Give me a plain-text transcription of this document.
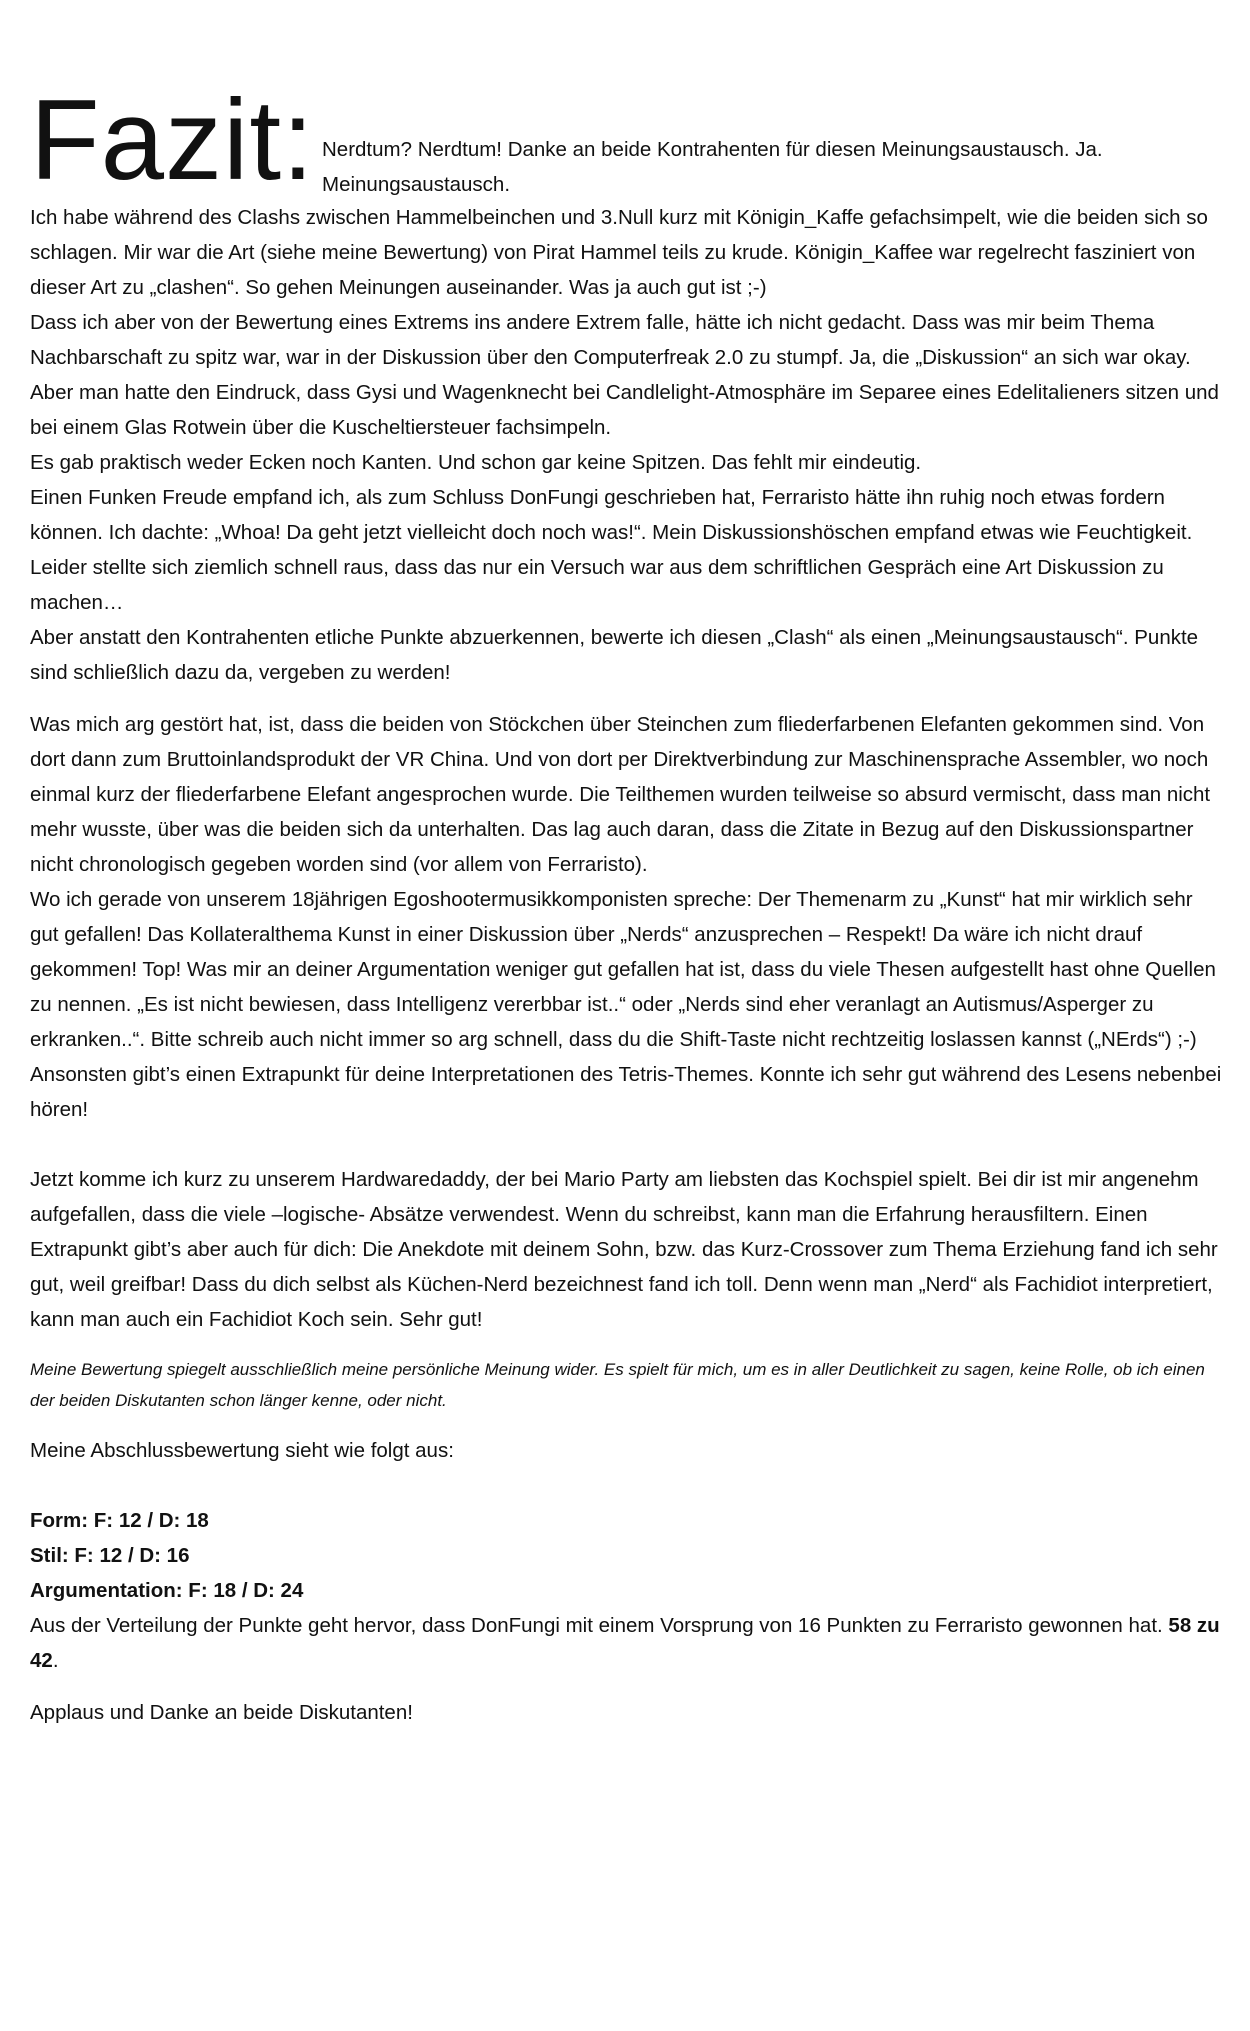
Fazit: Nerdtum? Nerdtum! Danke an beide Kontrahenten für diesen Meinungsaustausch. Ja. Meinungsaustausch.

Ich habe während des Clashs zwischen Hammelbeinchen und 3.Null kurz mit Königin_Kaffe gefachsimpelt, wie die beiden sich so schlagen. Mir war die Art (siehe meine Bewertung) von Pirat Hammel teils zu krude. Königin_Kaffee war regelrecht fasziniert von dieser Art zu „clashen“. So gehen Meinungen auseinander. Was ja auch gut ist ;-)

Dass ich aber von der Bewertung eines Extrems ins andere Extrem falle, hätte ich nicht gedacht. Dass was mir beim Thema Nachbarschaft zu spitz war, war in der Diskussion über den Computerfreak 2.0 zu stumpf. Ja, die „Diskussion“ an sich war okay. Aber man hatte den Eindruck, dass Gysi und Wagenknecht bei Candlelight-Atmosphäre im Separee eines Edelitalieners sitzen und bei einem Glas Rotwein über die Kuscheltiersteuer fachsimpeln.

Es gab praktisch weder Ecken noch Kanten. Und schon gar keine Spitzen. Das fehlt mir eindeutig.

Einen Funken Freude empfand ich, als zum Schluss DonFungi geschrieben hat, Ferraristo hätte ihn ruhig noch etwas fordern können. Ich dachte: „Whoa! Da geht jetzt vielleicht doch noch was!“. Mein Diskussionshöschen empfand etwas wie Feuchtigkeit. Leider stellte sich ziemlich schnell raus, dass das nur ein Versuch war aus dem schriftlichen Gespräch eine Art Diskussion zu machen…

Aber anstatt den Kontrahenten etliche Punkte abzuerkennen, bewerte ich diesen „Clash“ als einen „Meinungsaustausch“. Punkte sind schließlich dazu da, vergeben zu werden!

Was mich arg gestört hat, ist, dass die beiden von Stöckchen über Steinchen zum fliederfarbenen Elefanten gekommen sind. Von dort dann zum Bruttoinlandsprodukt der VR China. Und von dort per Direktverbindung zur Maschinensprache Assembler, wo noch einmal kurz der fliederfarbene Elefant angesprochen wurde. Die Teilthemen wurden teilweise so absurd vermischt, dass man nicht mehr wusste, über was die beiden sich da unterhalten. Das lag auch daran, dass die Zitate in Bezug auf den Diskussionspartner nicht chronologisch gegeben worden sind (vor allem von Ferraristo).

Wo ich gerade von unserem 18jährigen Egoshootermusikkomponisten spreche: Der Themenarm zu „Kunst“ hat mir wirklich sehr gut gefallen! Das Kollateralthema Kunst in einer Diskussion über „Nerds“ anzusprechen – Respekt! Da wäre ich nicht drauf gekommen! Top! Was mir an deiner Argumentation weniger gut gefallen hat ist, dass du viele Thesen aufgestellt hast ohne Quellen zu nennen. „Es ist nicht bewiesen, dass Intelligenz vererbbar ist..“ oder „Nerds sind eher veranlagt an Autismus/Asperger zu erkranken..“. Bitte schreib auch nicht immer so arg schnell, dass du die Shift-Taste nicht rechtzeitig loslassen kannst („NErds“) ;-) Ansonsten gibt’s einen Extrapunkt für deine Interpretationen des Tetris-Themes. Konnte ich sehr gut während des Lesens nebenbei hören!

Jetzt komme ich kurz zu unserem Hardwaredaddy, der bei Mario Party am liebsten das Kochspiel spielt. Bei dir ist mir angenehm aufgefallen, dass die viele –logische- Absätze verwendest. Wenn du schreibst, kann man die Erfahrung herausfiltern. Einen Extrapunkt gibt’s aber auch für dich: Die Anekdote mit deinem Sohn, bzw. das Kurz-Crossover zum Thema Erziehung fand ich sehr gut, weil greifbar! Dass du dich selbst als Küchen-Nerd bezeichnest fand ich toll. Denn wenn man „Nerd“ als Fachidiot interpretiert, kann man auch ein Fachidiot Koch sein. Sehr gut!

Meine Bewertung spiegelt ausschließlich meine persönliche Meinung wider. Es spielt für mich, um es in aller Deutlichkeit zu sagen, keine Rolle, ob ich einen der beiden Diskutanten schon länger kenne, oder nicht.

Meine Abschlussbewertung sieht wie folgt aus:

Form: F: 12 / D: 18

Stil: F: 12 / D: 16

Argumentation: F: 18 / D: 24

Aus der Verteilung der Punkte geht hervor, dass DonFungi mit einem Vorsprung von 16 Punkten zu Ferraristo gewonnen hat. 58 zu 42.

Applaus und Danke an beide Diskutanten!
